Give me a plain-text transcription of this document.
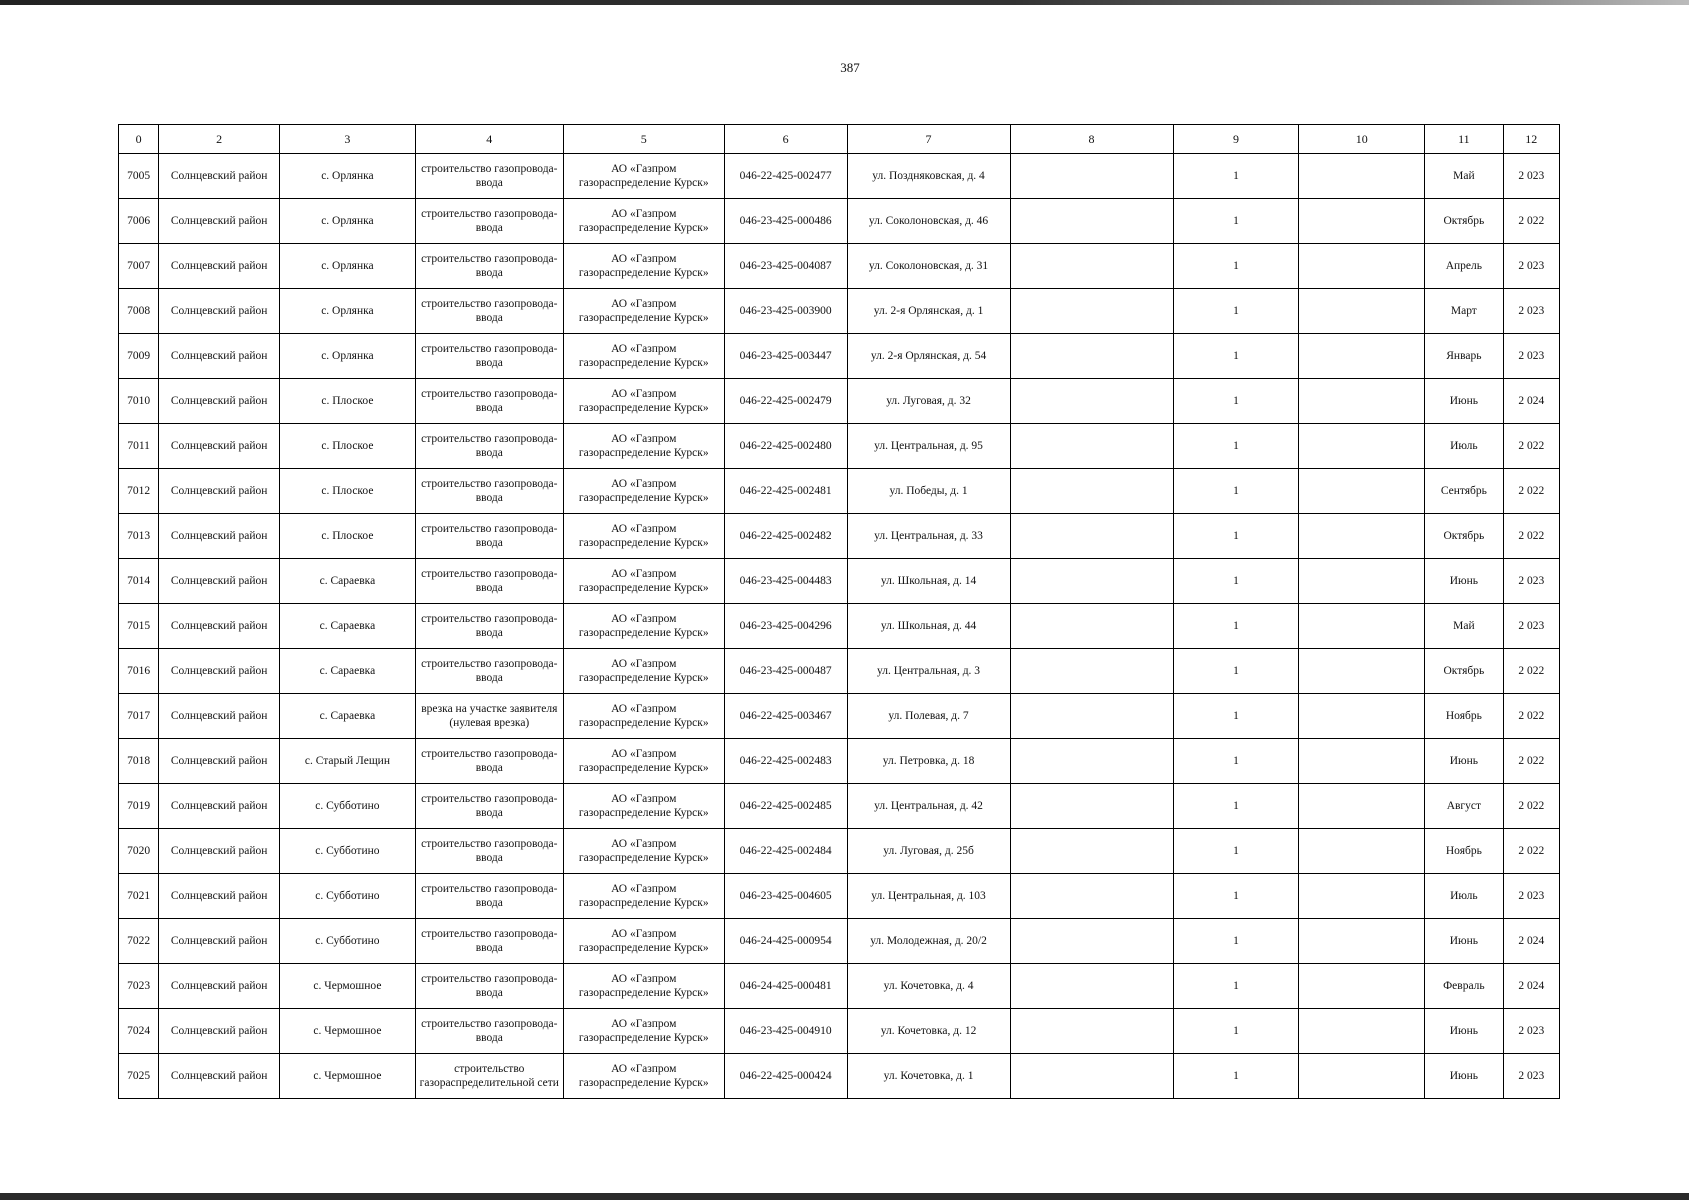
387
0	2	3	4	5	6	7	8	9	10	11	12
7005	Солнцевский район	с. Орлянка	строительство газопровода-ввода	АО «Газпром газораспределение Курск»	046-22-425-002477	ул. Поздняковская, д. 4		1		Май	2 023
7006	Солнцевский район	с. Орлянка	строительство газопровода-ввода	АО «Газпром газораспределение Курск»	046-23-425-000486	ул. Соколоновская, д. 46		1		Октябрь	2 022
7007	Солнцевский район	с. Орлянка	строительство газопровода-ввода	АО «Газпром газораспределение Курск»	046-23-425-004087	ул. Соколоновская, д. 31		1		Апрель	2 023
7008	Солнцевский район	с. Орлянка	строительство газопровода-ввода	АО «Газпром газораспределение Курск»	046-23-425-003900	ул. 2-я Орлянская, д. 1		1		Март	2 023
7009	Солнцевский район	с. Орлянка	строительство газопровода-ввода	АО «Газпром газораспределение Курск»	046-23-425-003447	ул. 2-я Орлянская, д. 54		1		Январь	2 023
7010	Солнцевский район	с. Плоское	строительство газопровода-ввода	АО «Газпром газораспределение Курск»	046-22-425-002479	ул. Луговая, д. 32		1		Июнь	2 024
7011	Солнцевский район	с. Плоское	строительство газопровода-ввода	АО «Газпром газораспределение Курск»	046-22-425-002480	ул. Центральная, д. 95		1		Июль	2 022
7012	Солнцевский район	с. Плоское	строительство газопровода-ввода	АО «Газпром газораспределение Курск»	046-22-425-002481	ул. Победы, д. 1		1		Сентябрь	2 022
7013	Солнцевский район	с. Плоское	строительство газопровода-ввода	АО «Газпром газораспределение Курск»	046-22-425-002482	ул. Центральная, д. 33		1		Октябрь	2 022
7014	Солнцевский район	с. Сараевка	строительство газопровода-ввода	АО «Газпром газораспределение Курск»	046-23-425-004483	ул. Школьная, д. 14		1		Июнь	2 023
7015	Солнцевский район	с. Сараевка	строительство газопровода-ввода	АО «Газпром газораспределение Курск»	046-23-425-004296	ул. Школьная, д. 44		1		Май	2 023
7016	Солнцевский район	с. Сараевка	строительство газопровода-ввода	АО «Газпром газораспределение Курск»	046-23-425-000487	ул. Центральная, д. 3		1		Октябрь	2 022
7017	Солнцевский район	с. Сараевка	врезка на участке заявителя (нулевая врезка)	АО «Газпром газораспределение Курск»	046-22-425-003467	ул. Полевая, д. 7		1		Ноябрь	2 022
7018	Солнцевский район	с. Старый Лещин	строительство газопровода-ввода	АО «Газпром газораспределение Курск»	046-22-425-002483	ул. Петровка, д. 18		1		Июнь	2 022
7019	Солнцевский район	с. Субботино	строительство газопровода-ввода	АО «Газпром газораспределение Курск»	046-22-425-002485	ул. Центральная, д. 42		1		Август	2 022
7020	Солнцевский район	с. Субботино	строительство газопровода-ввода	АО «Газпром газораспределение Курск»	046-22-425-002484	ул. Луговая, д. 25б		1		Ноябрь	2 022
7021	Солнцевский район	с. Субботино	строительство газопровода-ввода	АО «Газпром газораспределение Курск»	046-23-425-004605	ул. Центральная, д. 103		1		Июль	2 023
7022	Солнцевский район	с. Субботино	строительство газопровода-ввода	АО «Газпром газораспределение Курск»	046-24-425-000954	ул. Молодежная, д. 20/2		1		Июнь	2 024
7023	Солнцевский район	с. Чермошное	строительство газопровода-ввода	АО «Газпром газораспределение Курск»	046-24-425-000481	ул. Кочетовка, д. 4		1		Февраль	2 024
7024	Солнцевский район	с. Чермошное	строительство газопровода-ввода	АО «Газпром газораспределение Курск»	046-23-425-004910	ул. Кочетовка, д. 12		1		Июнь	2 023
7025	Солнцевский район	с. Чермошное	строительство газораспределительной сети	АО «Газпром газораспределение Курск»	046-22-425-000424	ул. Кочетовка, д. 1		1		Июнь	2 023
